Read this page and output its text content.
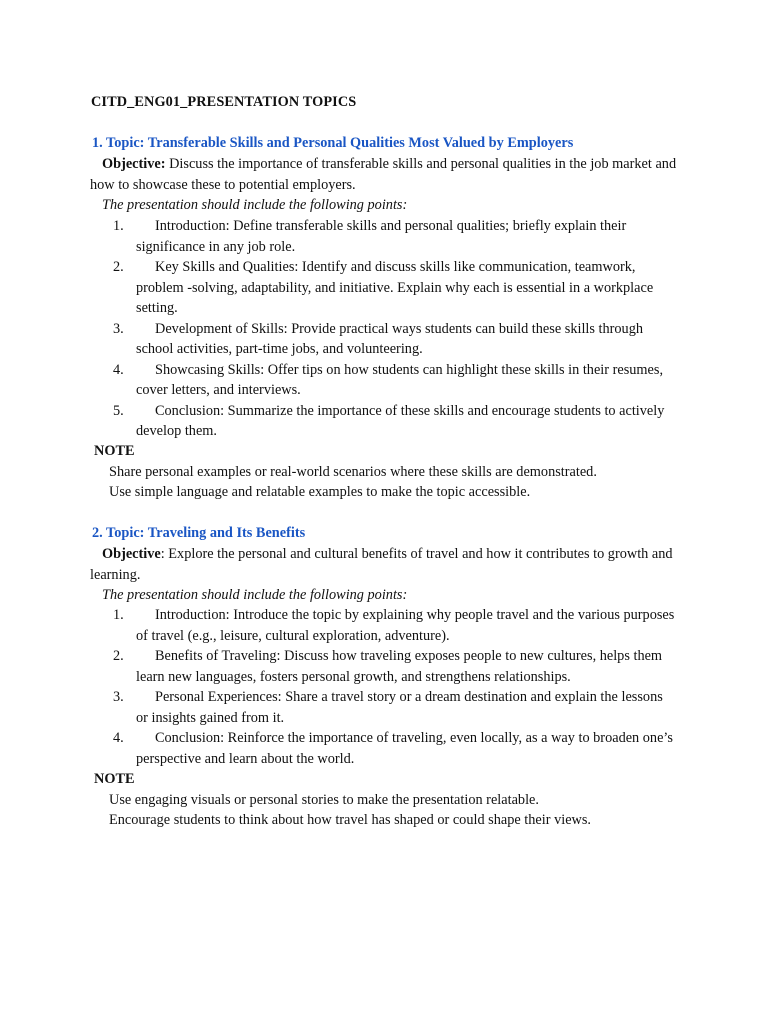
CITD_ENG01_PRESENTATION TOPICS
1. Topic: Transferable Skills and Personal Qualities Most Valued by Employers
Objective: Discuss the importance of transferable skills and personal qualities in the job market and how to showcase these to potential employers.
The presentation should include the following points:
1. Introduction: Define transferable skills and personal qualities; briefly explain their significance in any job role.
2. Key Skills and Qualities: Identify and discuss skills like communication, teamwork, problem -solving, adaptability, and initiative. Explain why each is essential in a workplace setting.
3. Development of Skills: Provide practical ways students can build these skills through school activities, part-time jobs, and volunteering.
4. Showcasing Skills: Offer tips on how students can highlight these skills in their resumes, cover letters, and interviews.
5. Conclusion: Summarize the importance of these skills and encourage students to actively develop them.
NOTE
Share personal examples or real-world scenarios where these skills are demonstrated.
Use simple language and relatable examples to make the topic accessible.
2. Topic: Traveling and Its Benefits
Objective: Explore the personal and cultural benefits of travel and how it contributes to growth and learning.
The presentation should include the following points:
1. Introduction: Introduce the topic by explaining why people travel and the various purposes of travel (e.g., leisure, cultural exploration, adventure).
2. Benefits of Traveling: Discuss how traveling exposes people to new cultures, helps them learn new languages, fosters personal growth, and strengthens relationships.
3. Personal Experiences: Share a travel story or a dream destination and explain the lessons or insights gained from it.
4. Conclusion: Reinforce the importance of traveling, even locally, as a way to broaden one’s perspective and learn about the world.
NOTE
Use engaging visuals or personal stories to make the presentation relatable.
Encourage students to think about how travel has shaped or could shape their views.
